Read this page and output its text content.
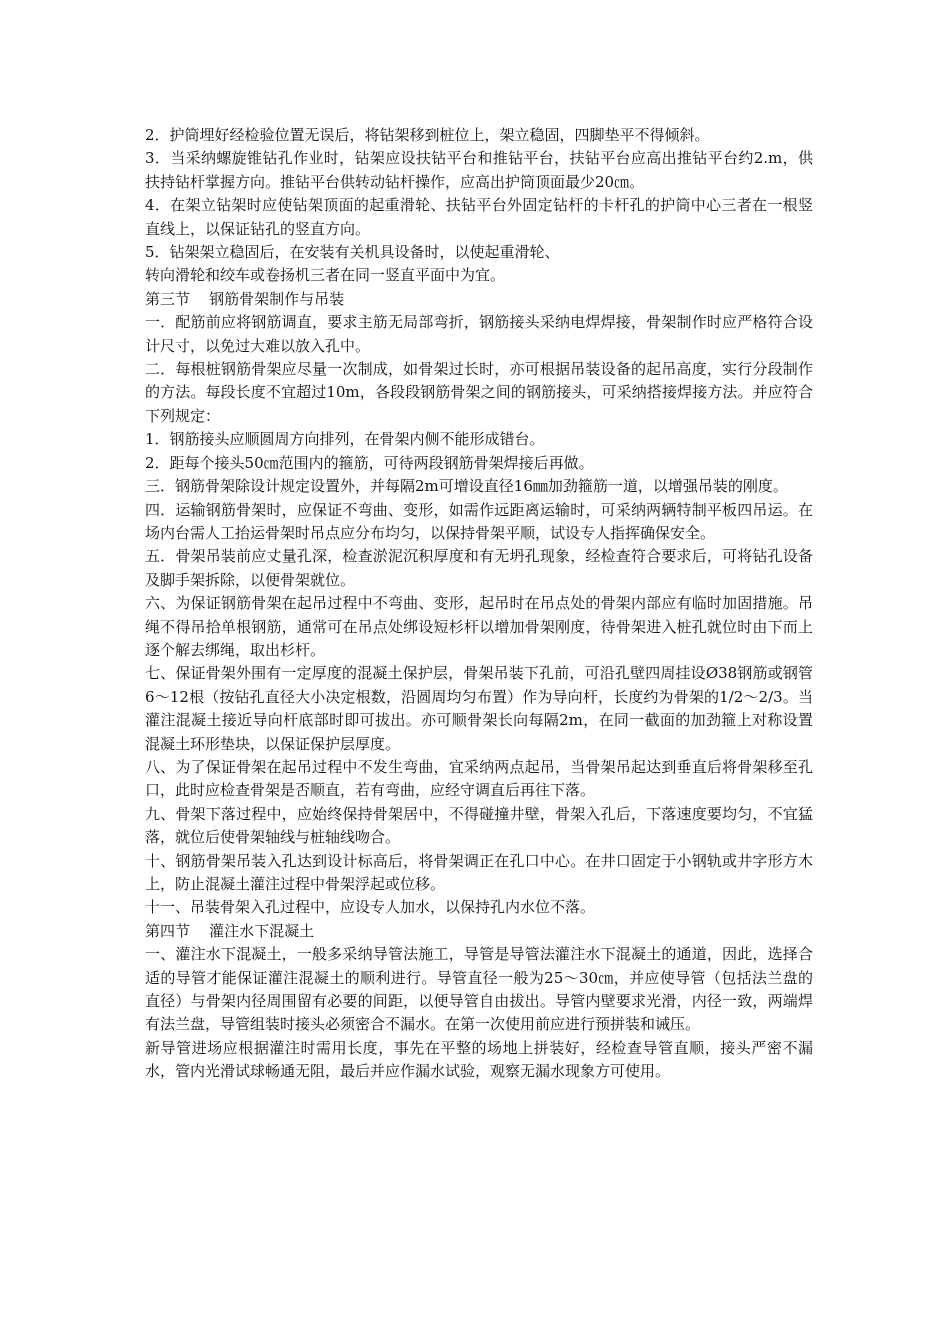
2．护筒埋好经检验位置无误后，将钻架移到桩位上，架立稳固，四脚垫平不得倾斜。

3．当采纳螺旋锥钻孔作业时，钻架应设扶钻平台和推钻平台，扶钻平台应高出推钻平台约2.m，供扶持钻杆掌握方向。推钻平台供转动钻杆操作，应高出护筒顶面最少20㎝。

4．在架立钻架时应使钻架顶面的起重滑轮、扶钻平台外固定钻杆的卡杆孔的护筒中心三者在一根竖直线上，以保证钻孔的竖直方向。

5．钻架架立稳固后，在安装有关机具设备时，以使起重滑轮、

转向滑轮和绞车或卷扬机三者在同一竖直平面中为宜。

第三节    钢筋骨架制作与吊装

一．配筋前应将钢筋调直，要求主筋无局部弯折，钢筋接头采纳电焊焊接，骨架制作时应严格符合设计尺寸，以免过大难以放入孔中。

二．每根桩钢筋骨架应尽量一次制成，如骨架过长时，亦可根据吊装设备的起吊高度，实行分段制作的方法。每段长度不宜超过10m，各段段钢筋骨架之间的钢筋接头，可采纳搭接焊接方法。并应符合下列规定：

1．钢筋接头应顺圆周方向排列，在骨架内侧不能形成错台。

2．距每个接头50㎝范围内的箍筋，可待两段钢筋骨架焊接后再做。

三．钢筋骨架除设计规定设置外，并每隔2m可增设直径16㎜加劲箍筋一道，以增强吊装的刚度。

四．运输钢筋骨架时，应保证不弯曲、变形，如需作远距离运输时，可采纳两辆特制平板四吊运。在场内台需人工抬运骨架时吊点应分布均匀，以保持骨架平顺，试设专人指挥确保安全。

五．骨架吊装前应丈量孔深，检查淤泥沉积厚度和有无坍孔现象，经检查符合要求后，可将钻孔设备及脚手架拆除，以便骨架就位。

六、为保证钢筋骨架在起吊过程中不弯曲、变形，起吊时在吊点处的骨架内部应有临时加固措施。吊绳不得吊拾单根钢筋，通常可在吊点处绑设短杉杆以增加骨架刚度，待骨架进入桩孔就位时由下而上逐个解去绑绳，取出杉杆。

七、保证骨架外围有一定厚度的混凝土保护层，骨架吊装下孔前，可沿孔壁四周挂设Ø38钢筋或钢管6～12根（按钻孔直径大小决定根数，沿圆周均匀布置）作为导向杆，长度约为骨架的1/2～2/3。当灌注混凝土接近导向杆底部时即可拔出。亦可顺骨架长向每隔2m，在同一截面的加劲箍上对称设置混凝土环形垫块，以保证保护层厚度。

八、为了保证骨架在起吊过程中不发生弯曲，宜采纳两点起吊，当骨架吊起达到垂直后将骨架移至孔口，此时应检查骨架是否顺直，若有弯曲，应经守调直后再往下落。

九、骨架下落过程中，应始终保持骨架居中，不得碰撞井壁，骨架入孔后，下落速度要均匀，不宜猛落，就位后使骨架轴线与桩轴线吻合。

十、钢筋骨架吊装入孔达到设计标高后，将骨架调正在孔口中心。在井口固定于小钢轨或井字形方木上，防止混凝土灌注过程中骨架浮起或位移。

十一、吊装骨架入孔过程中，应设专人加水，以保持孔内水位不落。

第四节    灌注水下混凝土

一、灌注水下混凝土，一般多采纳导管法施工，导管是导管法灌注水下混凝土的通道，因此，选择合适的导管才能保证灌注混凝土的顺利进行。导管直径一般为25～30㎝，并应使导管（包括法兰盘的直径）与骨架内径周围留有必要的间距，以便导管自由拔出。导管内壁要求光滑，内径一致，两端焊有法兰盘，导管组装时接头必须密合不漏水。在第一次使用前应进行预拼装和诫压。

新导管进场应根据灌注时需用长度，事先在平整的场地上拼装好，经检查导管直顺，接头严密不漏水，管内光滑试球畅通无阻，最后并应作漏水试验，观察无漏水现象方可使用。
